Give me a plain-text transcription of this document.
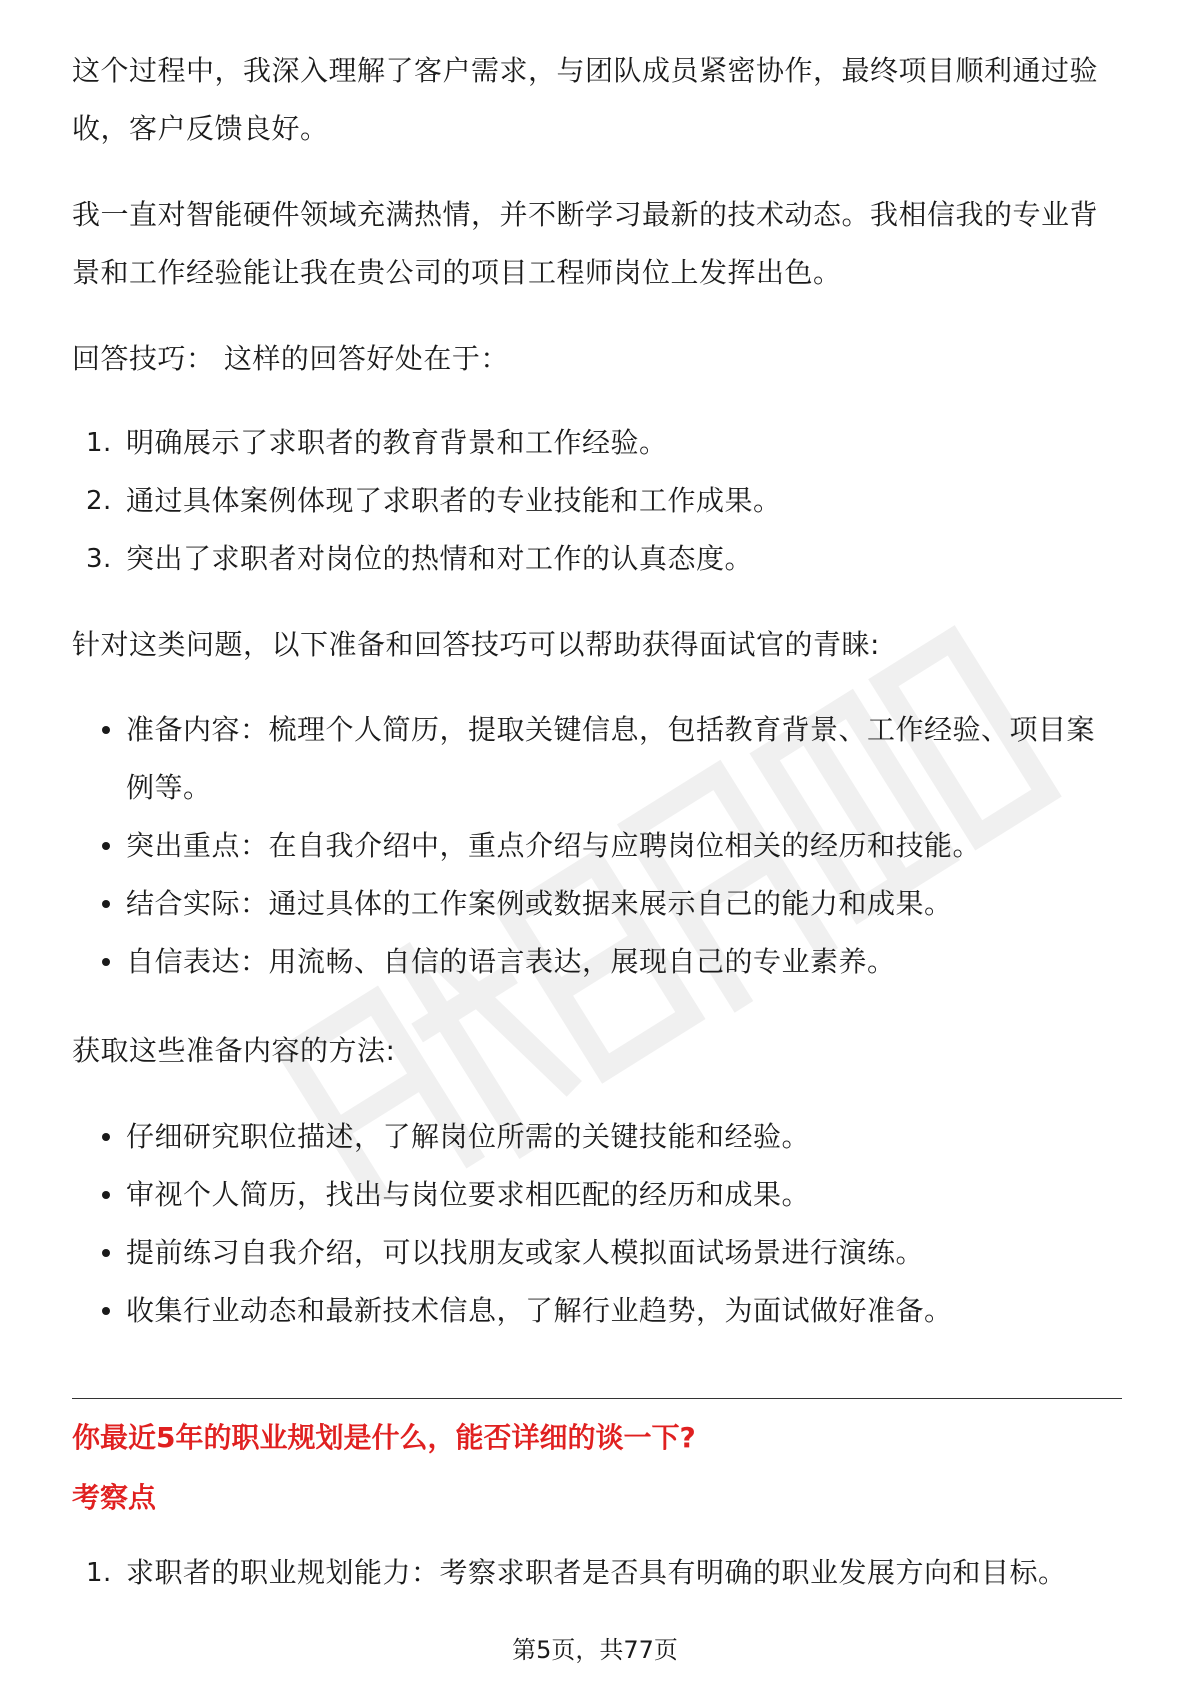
这个过程中，我深入理解了客户需求，与团队成员紧密协作，最终项目顺利通过验收，客户反馈良好。

我一直对智能硬件领域充满热情，并不断学习最新的技术动态。我相信我的专业背景和工作经验能让我在贵公司的项目工程师岗位上发挥出色。

回答技巧： 这样的回答好处在于：

1. 明确展示了求职者的教育背景和工作经验。
2. 通过具体案例体现了求职者的专业技能和工作成果。
3. 突出了求职者对岗位的热情和对工作的认真态度。

针对这类问题，以下准备和回答技巧可以帮助获得面试官的青睐:

准备内容：梳理个人简历，提取关键信息，包括教育背景、工作经验、项目案例等。
突出重点：在自我介绍中，重点介绍与应聘岗位相关的经历和技能。
结合实际：通过具体的工作案例或数据来展示自己的能力和成果。
自信表达：用流畅、自信的语言表达，展现自己的专业素养。

获取这些准备内容的方法:

仔细研究职位描述，了解岗位所需的关键技能和经验。
审视个人简历，找出与岗位要求相匹配的经历和成果。
提前练习自我介绍，可以找朋友或家人模拟面试场景进行演练。
收集行业动态和最新技术信息，了解行业趋势，为面试做好准备。

你最近5年的职业规划是什么，能否详细的谈一下?

考察点

1. 求职者的职业规划能力：考察求职者是否具有明确的职业发展方向和目标。
第5页，共77页
